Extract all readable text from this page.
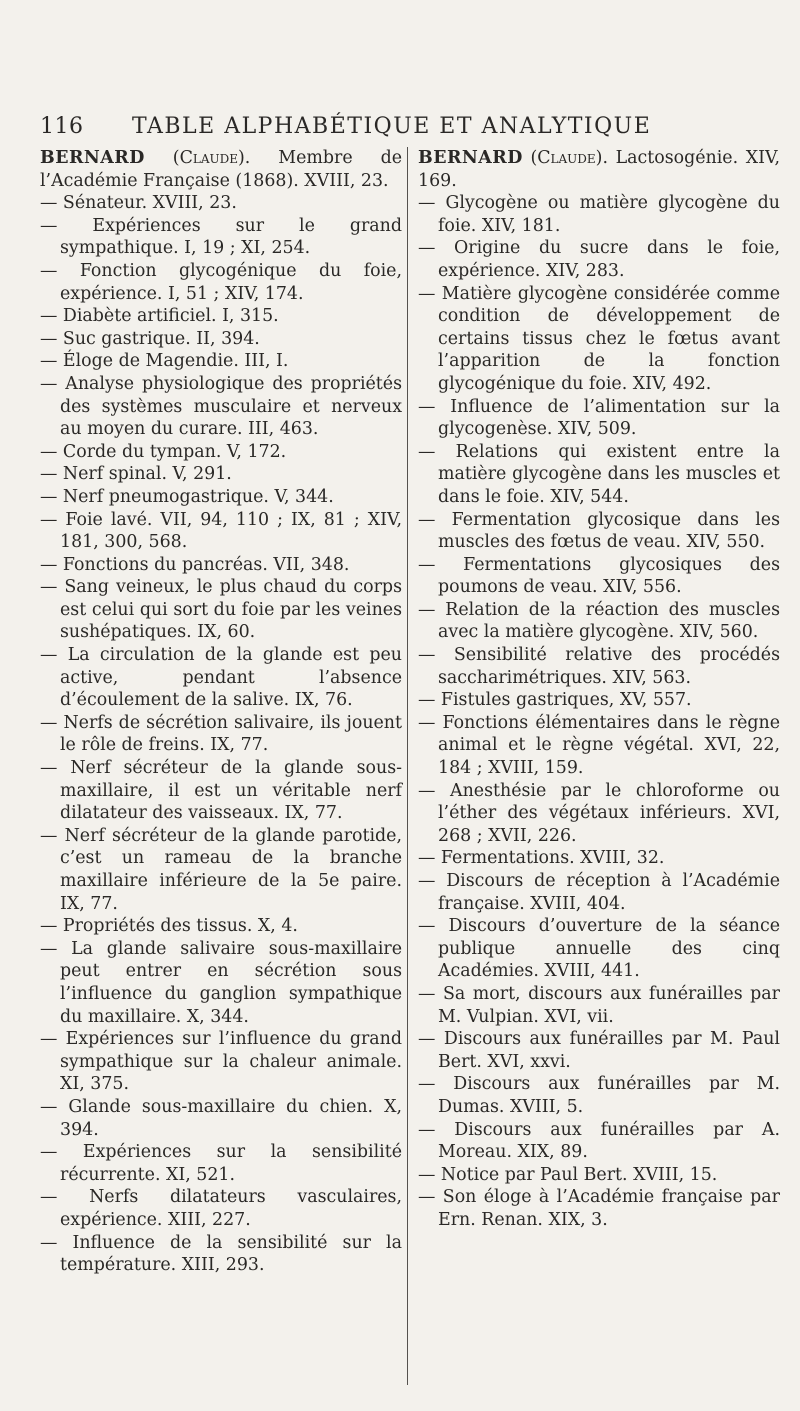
116 TABLE ALPHABÉTIQUE ET ANALYTIQUE

BERNARD (Claude). Membre de l’Académie Française (1868). XVIII, 23.

— Sénateur. XVIII, 23.

— Expériences sur le grand sympathique. I, 19 ; XI, 254.

— Fonction glycogénique du foie, expérience. I, 51 ; XIV, 174.

— Diabète artificiel. I, 315.

— Suc gastrique. II, 394.

— Éloge de Magendie. III, I.

— Analyse physiologique des propriétés des systèmes musculaire et nerveux au moyen du curare. III, 463.

— Corde du tympan. V, 172.

— Nerf spinal. V, 291.

— Nerf pneumogastrique. V, 344.

— Foie lavé. VII, 94, 110 ; IX, 81 ; XIV, 181, 300, 568.

— Fonctions du pancréas. VII, 348.

— Sang veineux, le plus chaud du corps est celui qui sort du foie par les veines sushépatiques. IX, 60.

— La circulation de la glande est peu active, pendant l’absence d’écoulement de la salive. IX, 76.

— Nerfs de sécrétion salivaire, ils jouent le rôle de freins. IX, 77.

— Nerf sécréteur de la glande sous-maxillaire, il est un véritable nerf dilatateur des vaisseaux. IX, 77.

— Nerf sécréteur de la glande parotide, c’est un rameau de la branche maxillaire inférieure de la 5e paire. IX, 77.

— Propriétés des tissus. X, 4.

— La glande salivaire sous-maxillaire peut entrer en sécrétion sous l’influence du ganglion sympathique du maxillaire. X, 344.

— Expériences sur l’influence du grand sympathique sur la chaleur animale. XI, 375.

— Glande sous-maxillaire du chien. X, 394.

— Expériences sur la sensibilité récurrente. XI, 521.

— Nerfs dilatateurs vasculaires, expérience. XIII, 227.

— Influence de la sensibilité sur la température. XIII, 293.

BERNARD (Claude). Lactosogénie. XIV, 169.

— Glycogène ou matière glycogène du foie. XIV, 181.

— Origine du sucre dans le foie, expérience. XIV, 283.

— Matière glycogène considérée comme condition de développement de certains tissus chez le fœtus avant l’apparition de la fonction glycogénique du foie. XIV, 492.

— Influence de l’alimentation sur la glycogenèse. XIV, 509.

— Relations qui existent entre la matière glycogène dans les muscles et dans le foie. XIV, 544.

— Fermentation glycosique dans les muscles des fœtus de veau. XIV, 550.

— Fermentations glycosiques des poumons de veau. XIV, 556.

— Relation de la réaction des muscles avec la matière glycogène. XIV, 560.

— Sensibilité relative des procédés saccharimétriques. XIV, 563.

— Fistules gastriques, XV, 557.

— Fonctions élémentaires dans le règne animal et le règne végétal. XVI, 22, 184 ; XVIII, 159.

— Anesthésie par le chloroforme ou l’éther des végétaux inférieurs. XVI, 268 ; XVII, 226.

— Fermentations. XVIII, 32.

— Discours de réception à l’Académie française. XVIII, 404.

— Discours d’ouverture de la séance publique annuelle des cinq Académies. XVIII, 441.

— Sa mort, discours aux funérailles par M. Vulpian. XVI, vii.

— Discours aux funérailles par M. Paul Bert. XVI, xxvi.

— Discours aux funérailles par M. Dumas. XVIII, 5.

— Discours aux funérailles par A. Moreau. XIX, 89.

— Notice par Paul Bert. XVIII, 15.

— Son éloge à l’Académie française par Ern. Renan. XIX, 3.
